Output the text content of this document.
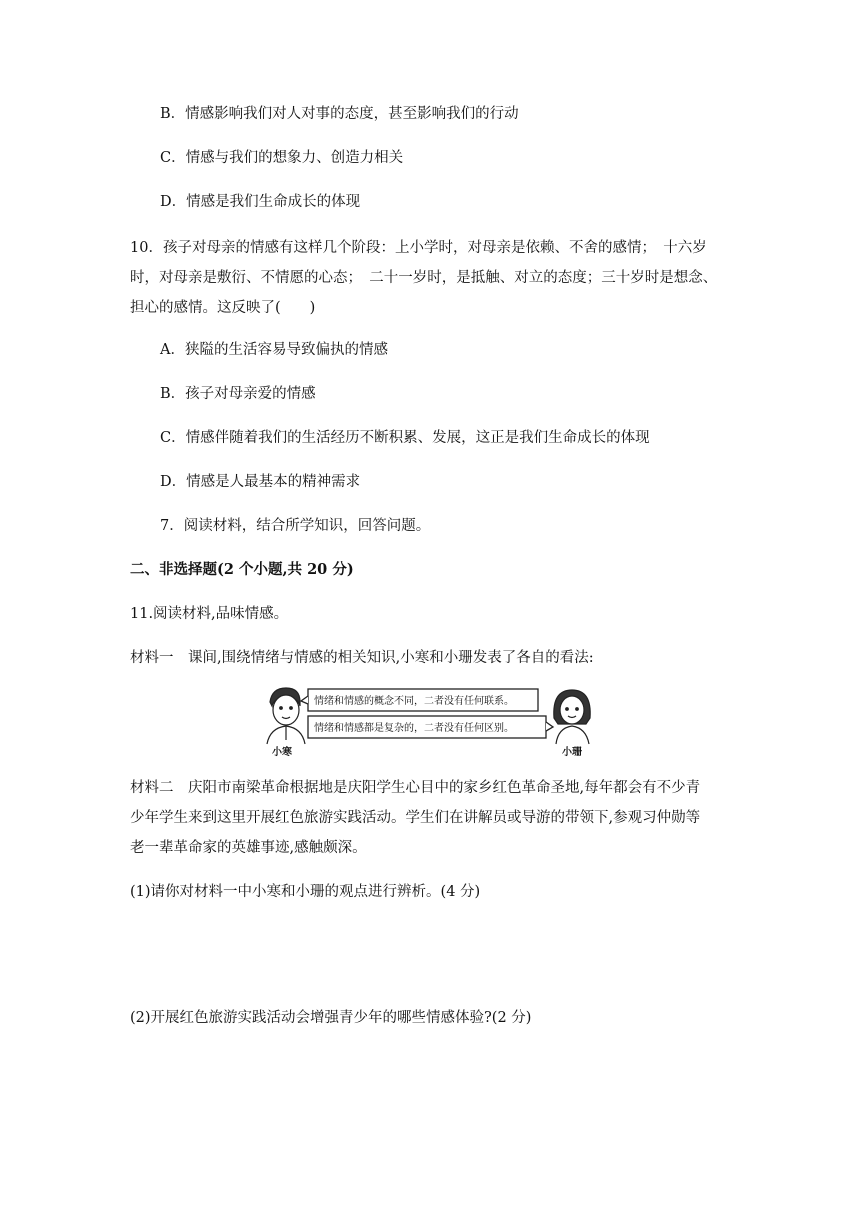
B．情感影响我们对人对事的态度，甚至影响我们的行动
C．情感与我们的想象力、创造力相关
D．情感是我们生命成长的体现
10．孩子对母亲的情感有这样几个阶段：上小学时，对母亲是依赖、不舍的感情；　十六岁
时，对母亲是敷衍、不情愿的心态；　二十一岁时，是抵触、对立的态度；三十岁时是想念、
担心的感情。这反映了(　　)
A．狭隘的生活容易导致偏执的情感
B．孩子对母亲爱的情感
C．情感伴随着我们的生活经历不断积累、发展，这正是我们生命成长的体现
D．情感是人最基本的精神需求
7．阅读材料，结合所学知识，回答问题。
二、非选择题(2 个小题,共 20 分)
11.阅读材料,品味情感。
材料一　课间,围绕情绪与情感的相关知识,小寒和小珊发表了各自的看法:
小寒
情绪和情感的概念不同，二者没有任何联系。
情绪和情感都是复杂的，二者没有任何区别。
小珊
材料二　庆阳市南梁革命根据地是庆阳学生心目中的家乡红色革命圣地,每年都会有不少青
少年学生来到这里开展红色旅游实践活动。学生们在讲解员或导游的带领下,参观习仲勋等
老一辈革命家的英雄事迹,感触颇深。
(1)请你对材料一中小寒和小珊的观点进行辨析。(4 分)
(2)开展红色旅游实践活动会增强青少年的哪些情感体验?(2 分)
